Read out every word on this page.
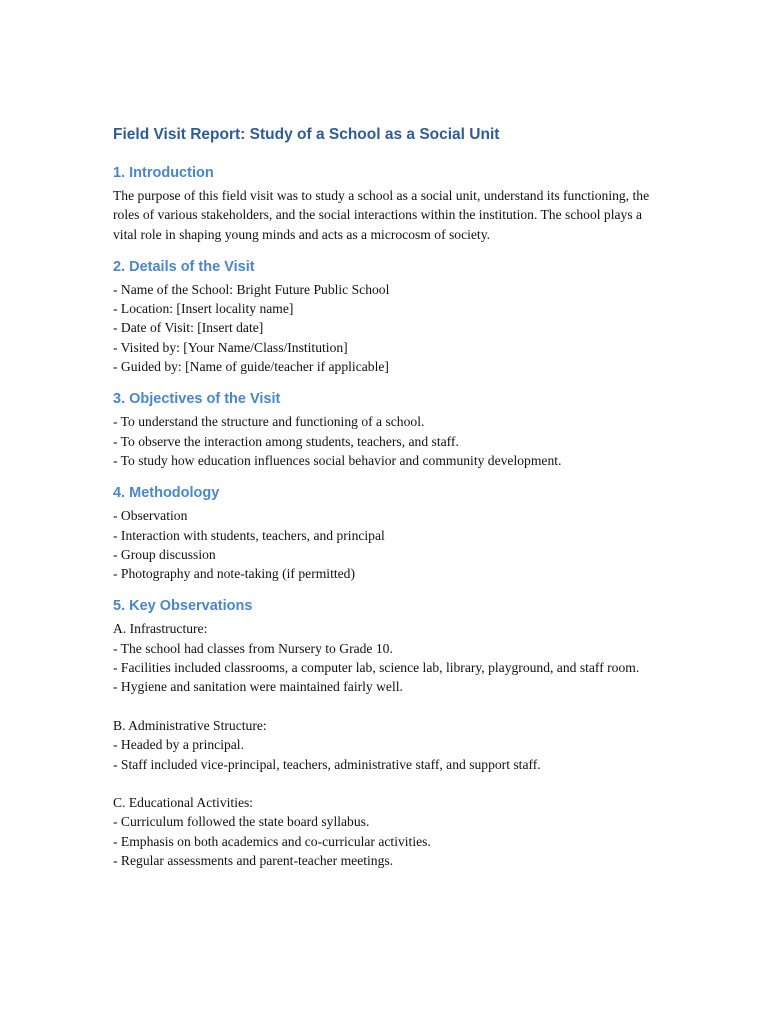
Field Visit Report: Study of a School as a Social Unit
1. Introduction

The purpose of this field visit was to study a school as a social unit, understand its functioning, the roles of various stakeholders, and the social interactions within the institution. The school plays a vital role in shaping young minds and acts as a microcosm of society.

2. Details of the Visit

- Name of the School: Bright Future Public School

- Location: [Insert locality name]

- Date of Visit: [Insert date]

- Visited by: [Your Name/Class/Institution]

- Guided by: [Name of guide/teacher if applicable]

3. Objectives of the Visit

- To understand the structure and functioning of a school.

- To observe the interaction among students, teachers, and staff.

- To study how education influences social behavior and community development.

4. Methodology

- Observation

- Interaction with students, teachers, and principal

- Group discussion

- Photography and note-taking (if permitted)

5. Key Observations

A. Infrastructure:

- The school had classes from Nursery to Grade 10.

- Facilities included classrooms, a computer lab, science lab, library, playground, and staff room.

- Hygiene and sanitation were maintained fairly well.

B. Administrative Structure:

- Headed by a principal.

- Staff included vice-principal, teachers, administrative staff, and support staff.

C. Educational Activities:

- Curriculum followed the state board syllabus.

- Emphasis on both academics and co-curricular activities.

- Regular assessments and parent-teacher meetings.
